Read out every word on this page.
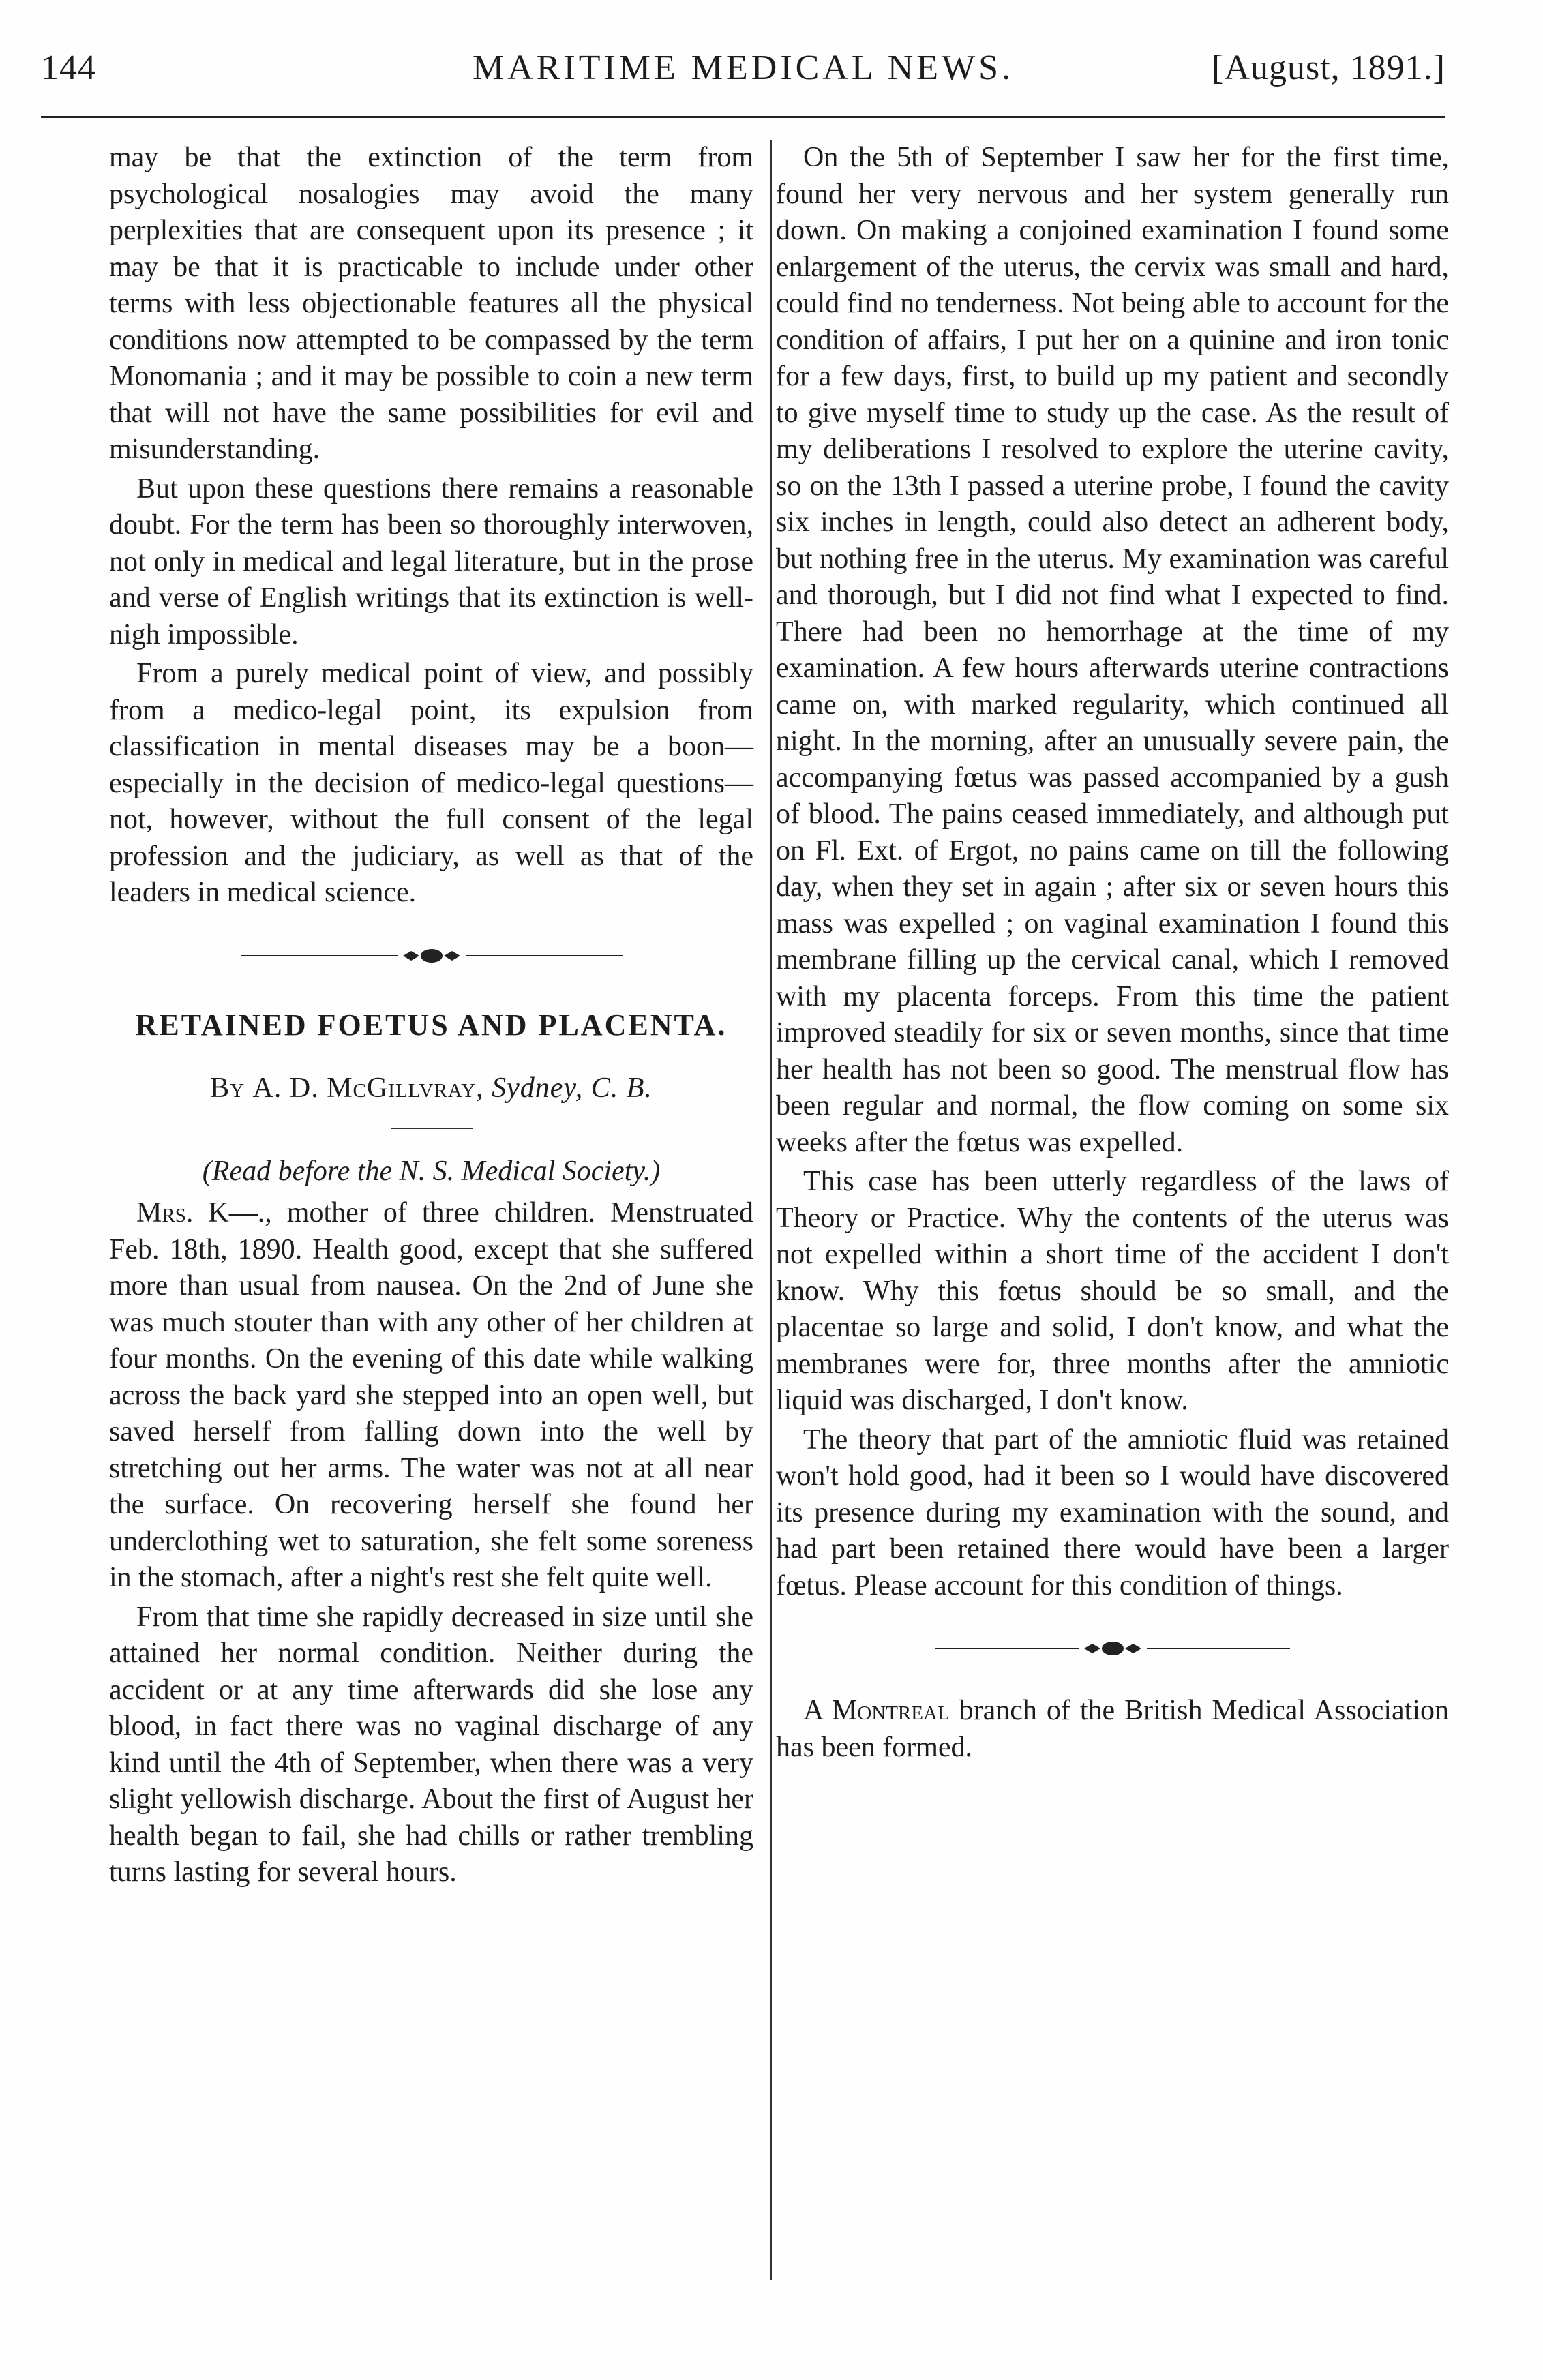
144	MARITIME MEDICAL NEWS.	[August, 1891.]

may be that the extinction of the term from psychological nosalogies may avoid the many perplexities that are consequent upon its presence ; it may be that it is practicable to include under other terms with less objectionable features all the physical conditions now attempted to be compassed by the term Monomania ; and it may be possible to coin a new term that will not have the same possibilities for evil and misunderstanding.

But upon these questions there remains a reasonable doubt. For the term has been so thoroughly interwoven, not only in medical and legal literature, but in the prose and verse of English writings that its extinction is well-nigh impossible.

From a purely medical point of view, and possibly from a medico-legal point, its expulsion from classification in mental diseases may be a boon—especially in the decision of medico-legal questions—not, however, without the full consent of the legal profession and the judiciary, as well as that of the leaders in medical science.

RETAINED FOETUS AND PLACENTA.
By A. D. McGillvray, Sydney, C. B.
(Read before the N. S. Medical Society.)

Mrs. K—., mother of three children. Menstruated Feb. 18th, 1890. Health good, except that she suffered more than usual from nausea. On the 2nd of June she was much stouter than with any other of her children at four months. On the evening of this date while walking across the back yard she stepped into an open well, but saved herself from falling down into the well by stretching out her arms. The water was not at all near the surface. On recovering herself she found her underclothing wet to saturation, she felt some soreness in the stomach, after a night's rest she felt quite well.

From that time she rapidly decreased in size until she attained her normal condition. Neither during the accident or at any time afterwards did she lose any blood, in fact there was no vaginal discharge of any kind until the 4th of September, when there was a very slight yellowish discharge. About the first of August her health began to fail, she had chills or rather trembling turns lasting for several hours.

On the 5th of September I saw her for the first time, found her very nervous and her system generally run down. On making a conjoined examination I found some enlargement of the uterus, the cervix was small and hard, could find no tenderness. Not being able to account for the condition of affairs, I put her on a quinine and iron tonic for a few days, first, to build up my patient and secondly to give myself time to study up the case. As the result of my deliberations I resolved to explore the uterine cavity, so on the 13th I passed a uterine probe, I found the cavity six inches in length, could also detect an adherent body, but nothing free in the uterus. My examination was careful and thorough, but I did not find what I expected to find. There had been no hemorrhage at the time of my examination. A few hours afterwards uterine contractions came on, with marked regularity, which continued all night. In the morning, after an unusually severe pain, the accompanying fœtus was passed accompanied by a gush of blood. The pains ceased immediately, and although put on Fl. Ext. of Ergot, no pains came on till the following day, when they set in again ; after six or seven hours this mass was expelled ; on vaginal examination I found this membrane filling up the cervical canal, which I removed with my placenta forceps. From this time the patient improved steadily for six or seven months, since that time her health has not been so good. The menstrual flow has been regular and normal, the flow coming on some six weeks after the fœtus was expelled.

This case has been utterly regardless of the laws of Theory or Practice. Why the contents of the uterus was not expelled within a short time of the accident I don't know. Why this fœtus should be so small, and the placentae so large and solid, I don't know, and what the membranes were for, three months after the amniotic liquid was discharged, I don't know.

The theory that part of the amniotic fluid was retained won't hold good, had it been so I would have discovered its presence during my examination with the sound, and had part been retained there would have been a larger fœtus. Please account for this condition of things.

A Montreal branch of the British Medical Association has been formed.
